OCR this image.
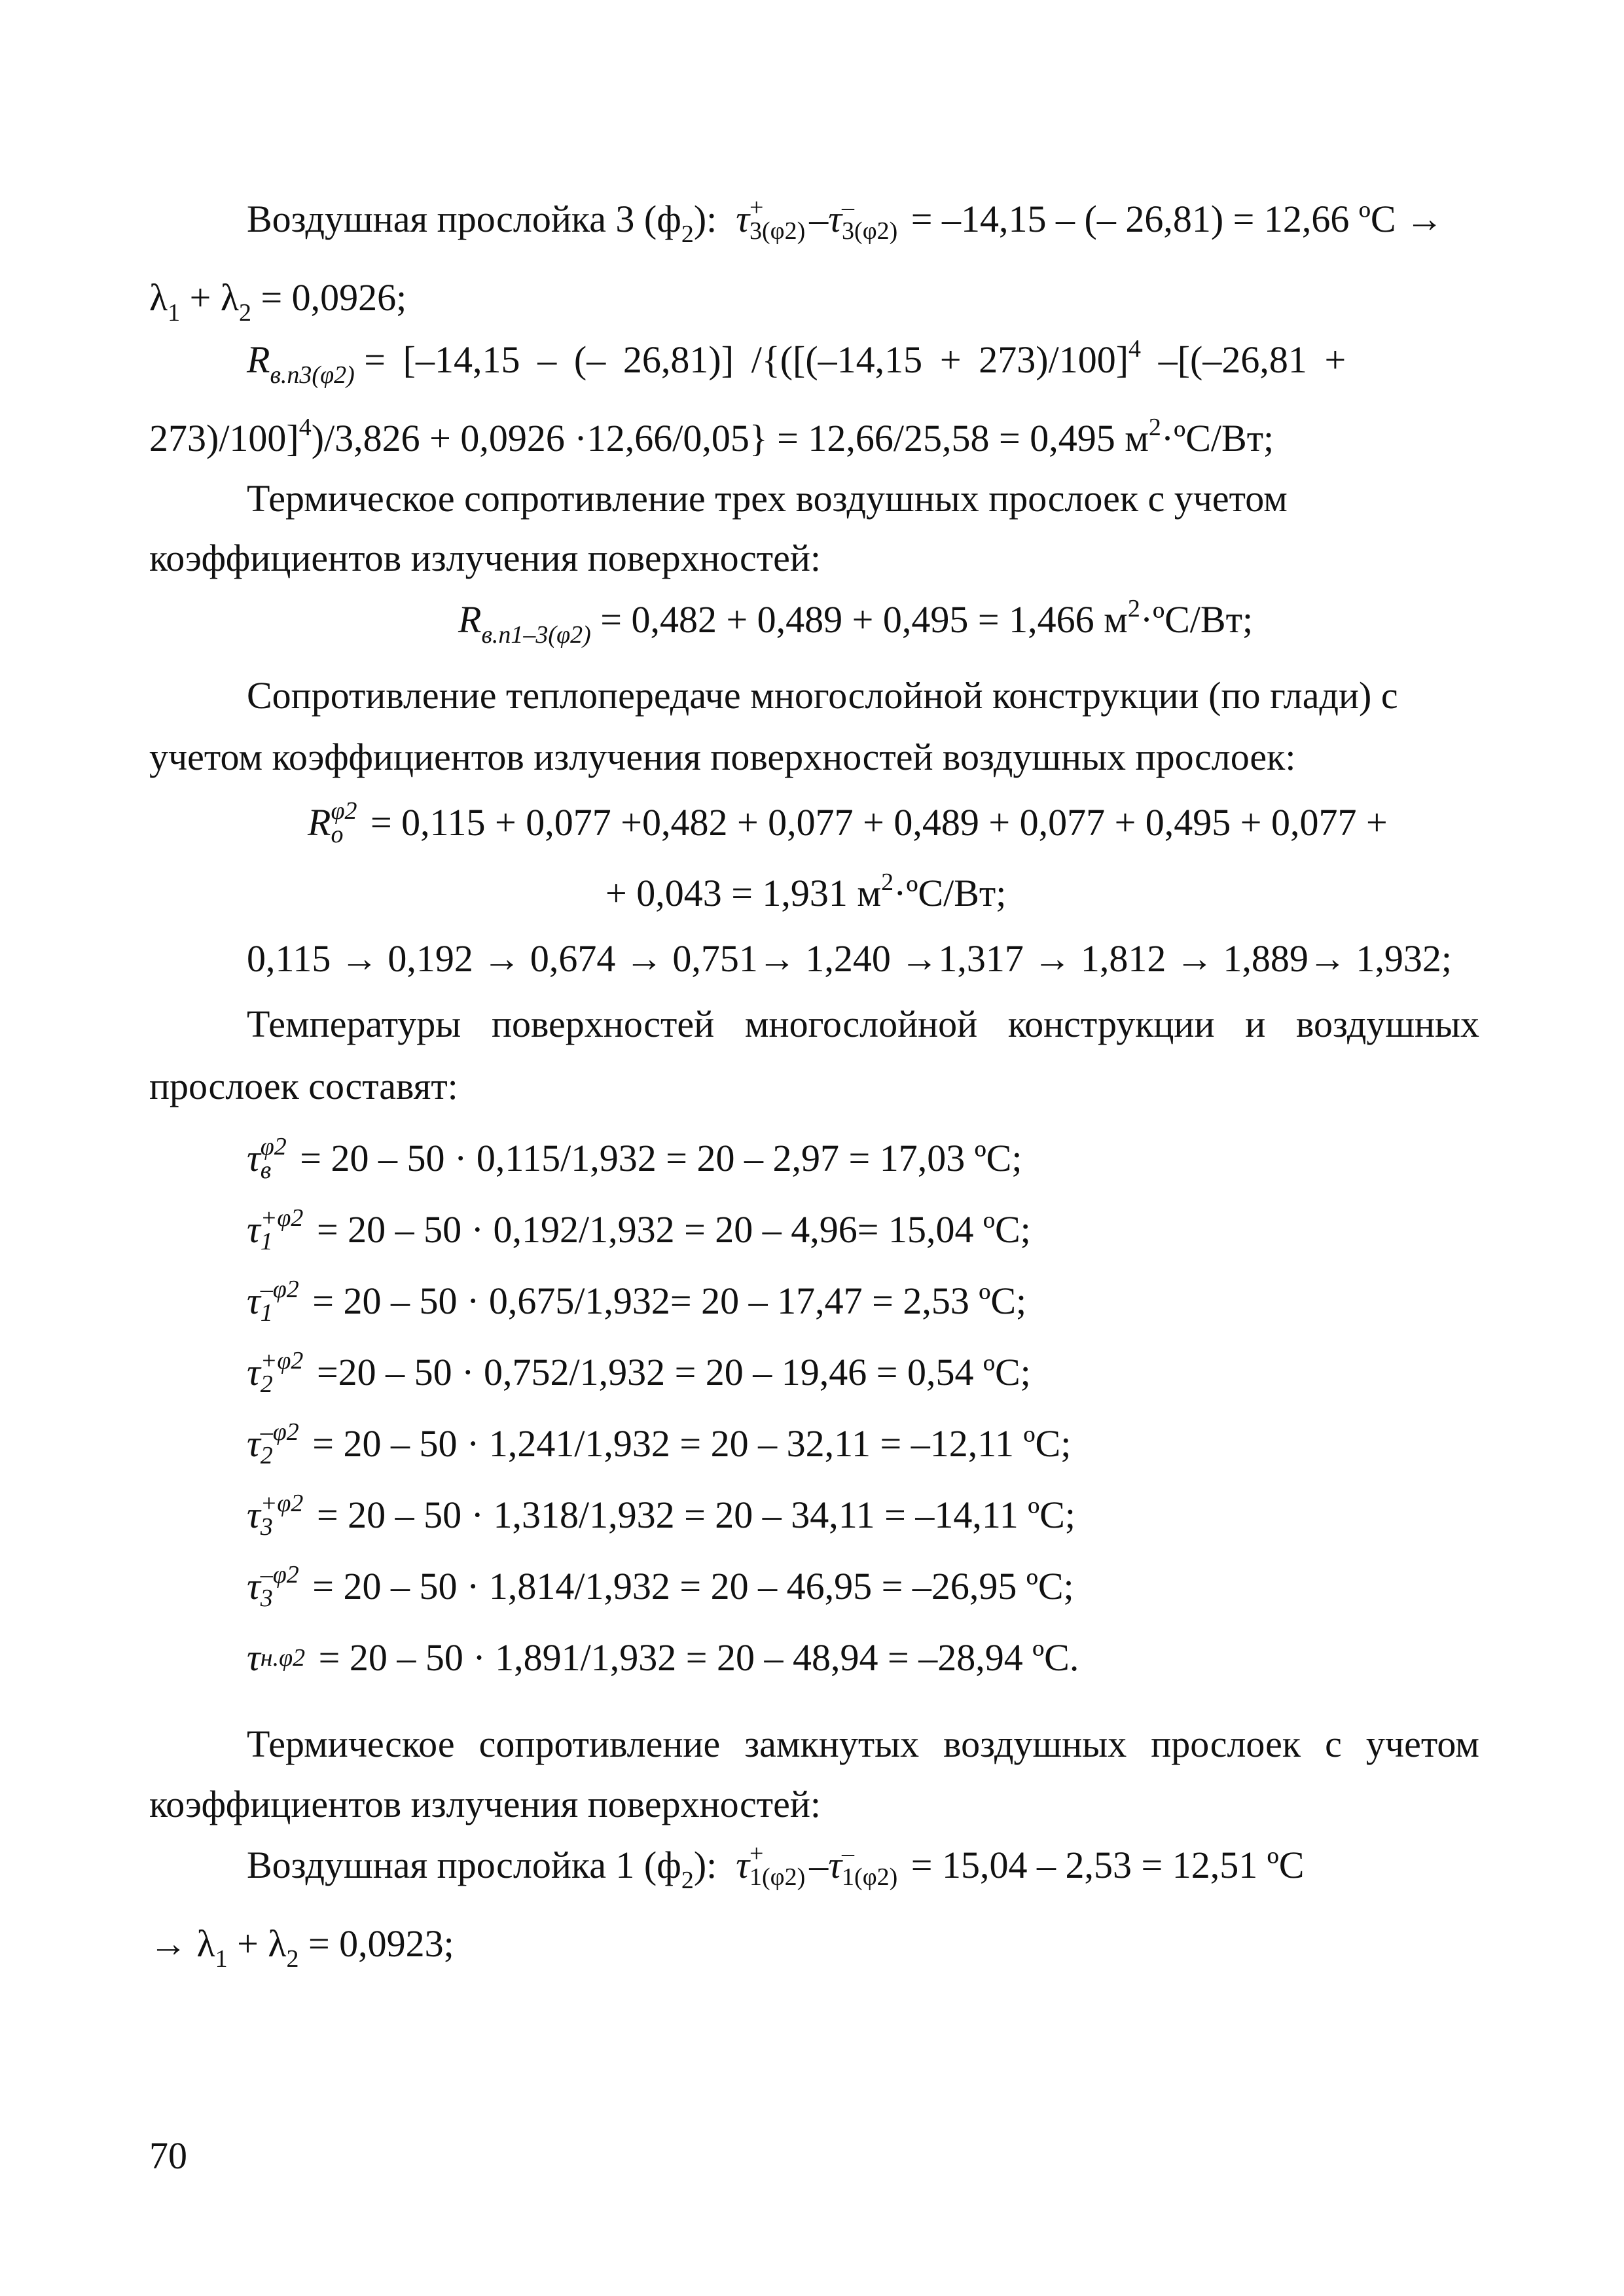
Воздушная прослойка 3 $(ф_2)$:  τ +
3(φ2) –τ –
3(φ2) = –14,15 – (– 26,81) = 12,66 ºС →
$\lambda_1 + \lambda_2 = 0,0926$;
$R_{в.п3(\varphi 2)} = [-14,15$ – (– 26,81)] $/\{([(-14,15 + 273)/100]^4$ –[(–26,81 +
273)/100]$^4$)/3,826 + 0,0926 ·12,66/0,05} = 12,66/25,58 = 0,495 $м^2\cdot ºС/Вт$;
Термическое сопротивление трех воздушных прослоек с учетом
коэффициентов излучения поверхностей:
$R_{в.п1-3(\varphi 2)} = 0,482 + 0,489 + 0,495 = 1,466$ $м^2\cdot ºС/Вт$;
Сопротивление теплопередаче многослойной конструкции (по глади) с
учетом коэффициентов излучения поверхностей воздушных прослоек:
R φ2
о = 0,115 + 0,077 +0,482 + 0,077 + 0,489 + 0,077 + 0,495 + 0,077 +
+ 0,043 = 1,931 $м^2\cdot ºС/Вт$;
0,115 → 0,192 → 0,674 → 0,751→ 1,240 →1,317 → 1,812 → 1,889→ 1,932;
Температуры поверхностей многослойной конструкции и воздушных
прослоек составят:
τ φ2
в = 20 – 50 · 0,115/1,932 = 20 – 2,97 = 17,03 ºС;
τ +φ2
1 = 20 – 50 · 0,192/1,932 = 20 – 4,96= 15,04 ºС;
τ –φ2
1 = 20 – 50 · 0,675/1,932= 20 – 17,47 = 2,53 ºС;
τ +φ2
2 =20 – 50 · 0,752/1,932 = 20 – 19,46 = 0,54 ºС;
τ –φ2
2 = 20 – 50 · 1,241/1,932 = 20 – 32,11 = –12,11 ºС;
τ +φ2
3 = 20 – 50 · 1,318/1,932 = 20 – 34,11 = –14,11 ºС;
τ –φ2
3 = 20 – 50 · 1,814/1,932 = 20 – 46,95 = –26,95 ºС;
τ н.φ2 = 20 – 50 · 1,891/1,932 = 20 – 48,94 = –28,94 ºС.
Термическое сопротивление замкнутых воздушных прослоек с учетом
коэффициентов излучения поверхностей:
Воздушная прослойка 1 $(ф_2)$:  τ +
1(φ2) –τ –
1(φ2) = 15,04 – 2,53 = 12,51 ºС
→ $\lambda_1 + \lambda_2 = 0,0923$;
70
